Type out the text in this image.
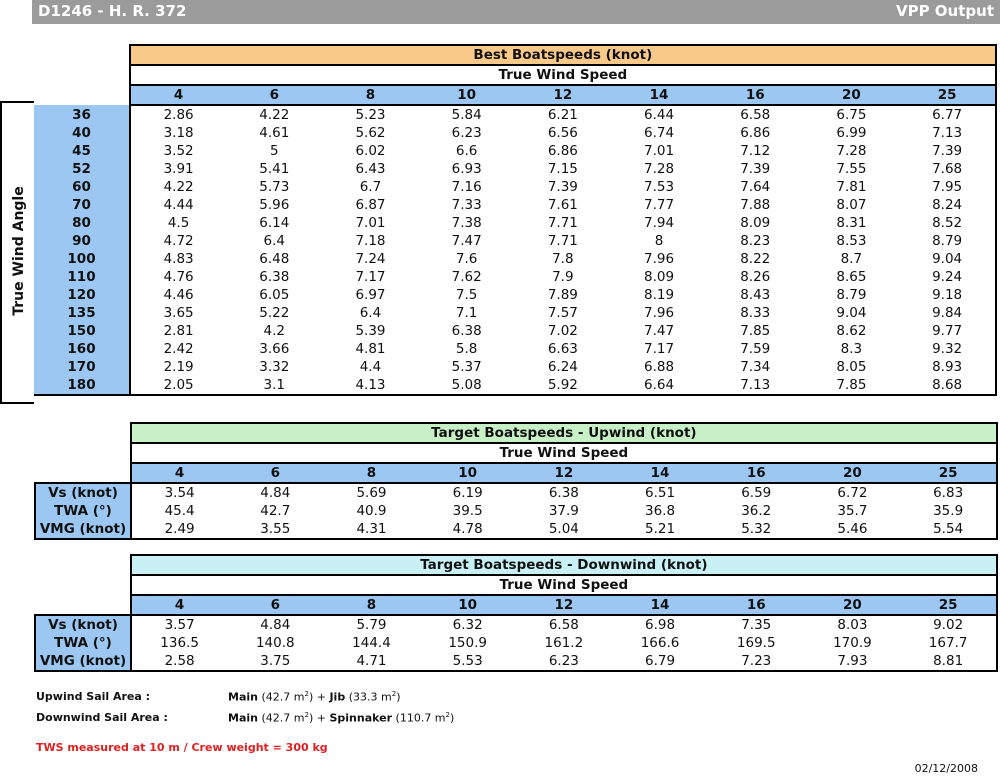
D1246 - H. R. 372	VPP Output
True Wind Angle
	Best Boatspeeds (knot)								
	True Wind Speed								
	4	6	8	10	12	14	16	20	25
36	2.86	4.22	5.23	5.84	6.21	6.44	6.58	6.75	6.77
40	3.18	4.61	5.62	6.23	6.56	6.74	6.86	6.99	7.13
45	3.52	5	6.02	6.6	6.86	7.01	7.12	7.28	7.39
52	3.91	5.41	6.43	6.93	7.15	7.28	7.39	7.55	7.68
60	4.22	5.73	6.7	7.16	7.39	7.53	7.64	7.81	7.95
70	4.44	5.96	6.87	7.33	7.61	7.77	7.88	8.07	8.24
80	4.5	6.14	7.01	7.38	7.71	7.94	8.09	8.31	8.52
90	4.72	6.4	7.18	7.47	7.71	8	8.23	8.53	8.79
100	4.83	6.48	7.24	7.6	7.8	7.96	8.22	8.7	9.04
110	4.76	6.38	7.17	7.62	7.9	8.09	8.26	8.65	9.24
120	4.46	6.05	6.97	7.5	7.89	8.19	8.43	8.79	9.18
135	3.65	5.22	6.4	7.1	7.57	7.96	8.33	9.04	9.84
150	2.81	4.2	5.39	6.38	7.02	7.47	7.85	8.62	9.77
160	2.42	3.66	4.81	5.8	6.63	7.17	7.59	8.3	9.32
170	2.19	3.32	4.4	5.37	6.24	6.88	7.34	8.05	8.93
180	2.05	3.1	4.13	5.08	5.92	6.64	7.13	7.85	8.68
	Target Boatspeeds - Upwind (knot)								
	True Wind Speed								
	4	6	8	10	12	14	16	20	25
Vs (knot)	3.54	4.84	5.69	6.19	6.38	6.51	6.59	6.72	6.83
TWA (°)	45.4	42.7	40.9	39.5	37.9	36.8	36.2	35.7	35.9
VMG (knot)	2.49	3.55	4.31	4.78	5.04	5.21	5.32	5.46	5.54
	Target Boatspeeds - Downwind (knot)								
	True Wind Speed								
	4	6	8	10	12	14	16	20	25
Vs (knot)	3.57	4.84	5.79	6.32	6.58	6.98	7.35	8.03	9.02
TWA (°)	136.5	140.8	144.4	150.9	161.2	166.6	169.5	170.9	167.7
VMG (knot)	2.58	3.75	4.71	5.53	6.23	6.79	7.23	7.93	8.81
Upwind Sail Area :	Main (42.7 $m^2$) + Jib (33.3 $m^2$)
Downwind Sail Area :	Main (42.7 $m^2$) + Spinnaker (110.7 $m^2$)
TWS measured at 10 m / Crew weight = 300 kg
02/12/2008
